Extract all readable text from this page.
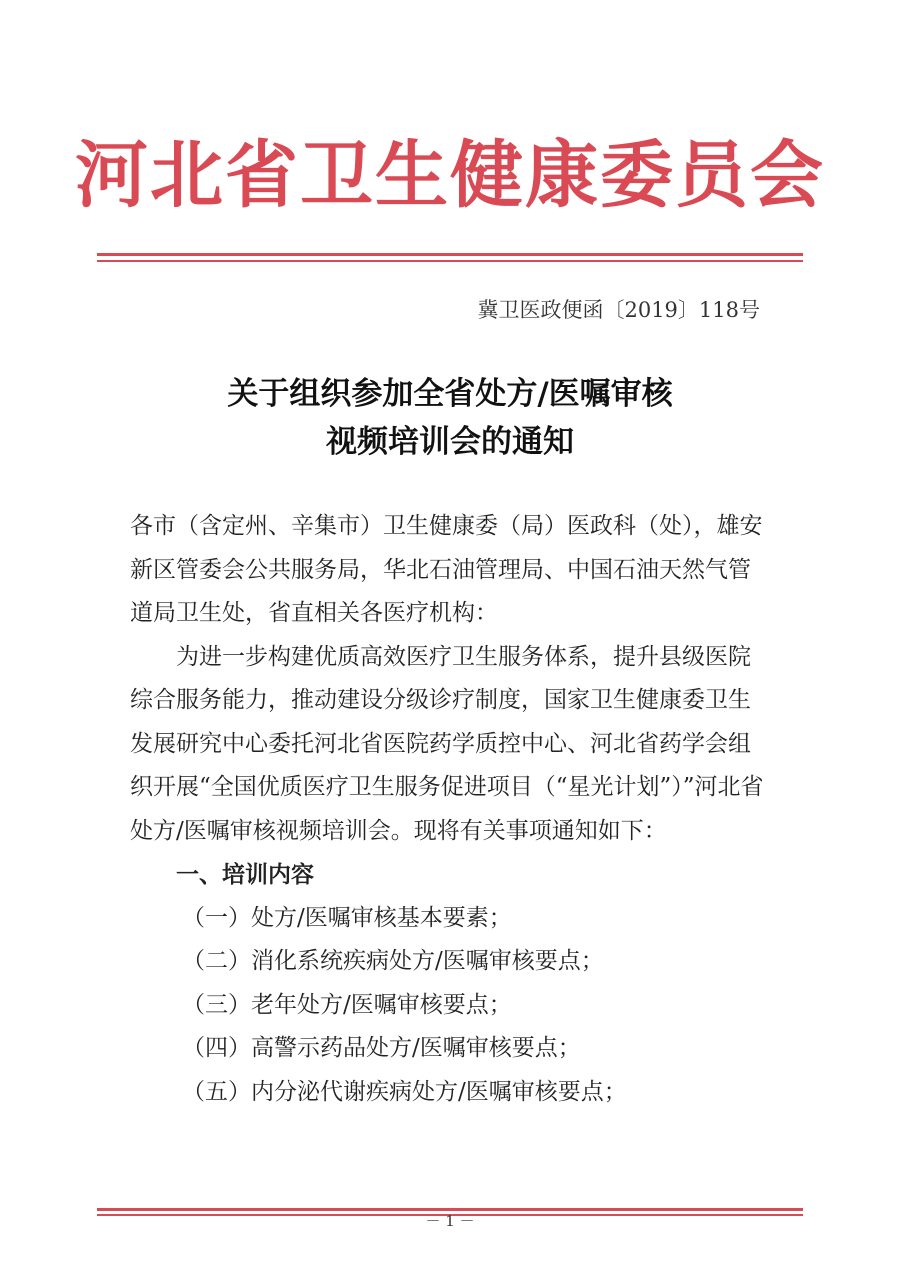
河北省卫生健康委员会
冀卫医政便函〔2019〕118号
关于组织参加全省处方/医嘱审核
视频培训会的通知

各市（含定州、辛集市）卫生健康委（局）医政科（处），雄安新区管委会公共服务局，华北石油管理局、中国石油天然气管道局卫生处，省直相关各医疗机构：

为进一步构建优质高效医疗卫生服务体系，提升县级医院综合服务能力，推动建设分级诊疗制度，国家卫生健康委卫生发展研究中心委托河北省医院药学质控中心、河北省药学会组织开展“全国优质医疗卫生服务促进项目（“星光计划”）”河北省处方/医嘱审核视频培训会。现将有关事项通知如下：

一、培训内容

（一）处方/医嘱审核基本要素；

（二）消化系统疾病处方/医嘱审核要点；

（三）老年处方/医嘱审核要点；

（四）高警示药品处方/医嘱审核要点；

（五）内分泌代谢疾病处方/医嘱审核要点；

－ 1 －
